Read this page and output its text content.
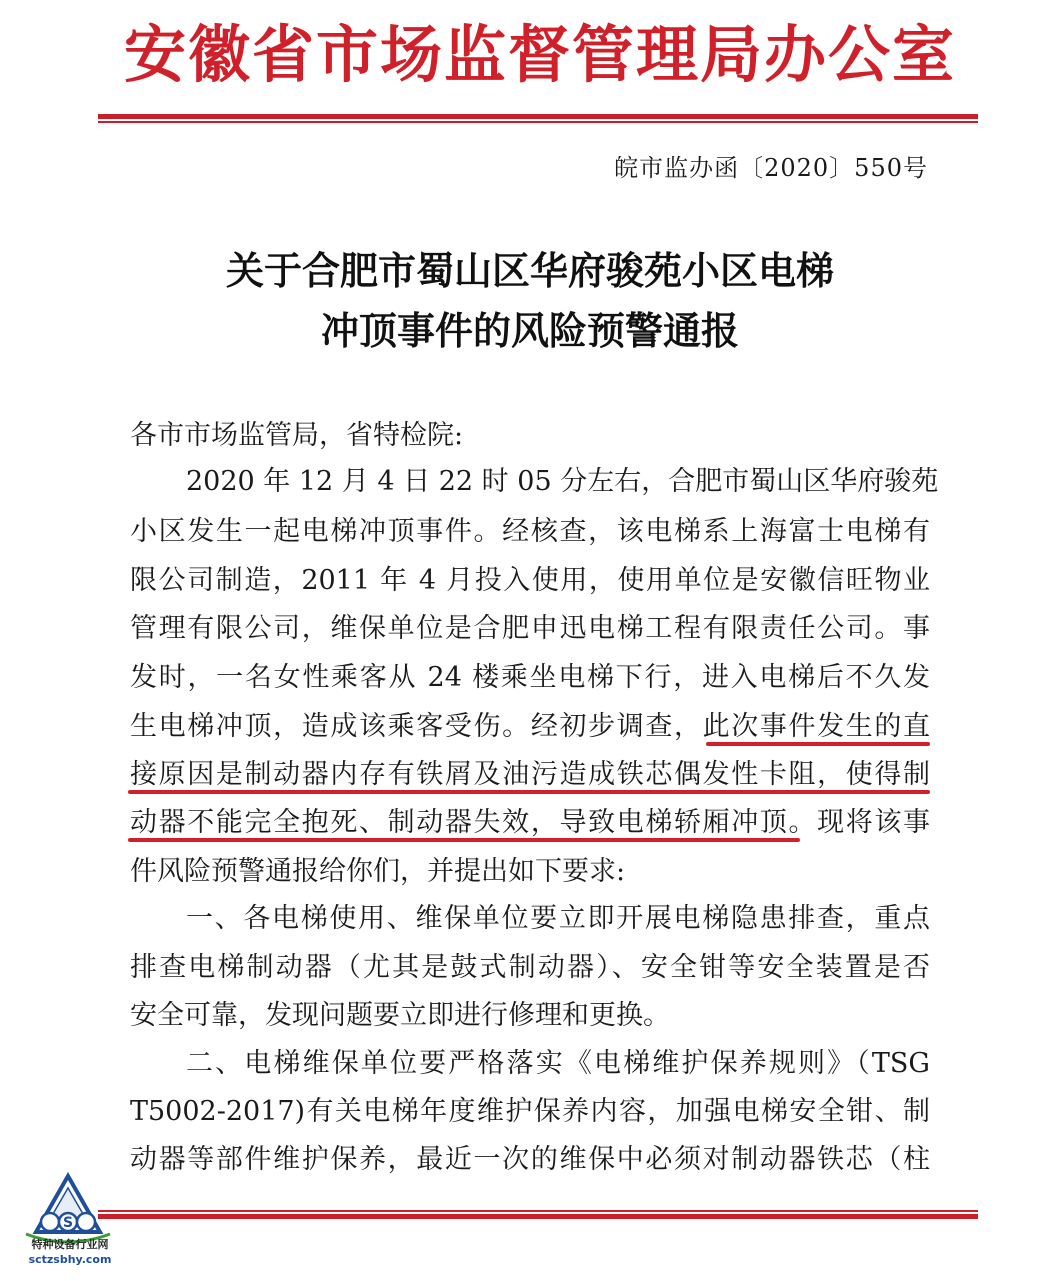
安徽省市场监督管理局办公室
皖市监办函〔2020〕550号
关于合肥市蜀山区华府骏苑小区电梯
冲顶事件的风险预警通报
各市市场监管局，省特检院:
2020 年 12 月 4 日 22 时 05 分左右，合肥市蜀山区华府骏苑
小区发生一起电梯冲顶事件。经核查，该电梯系上海富士电梯有
限公司制造，2011 年 4 月投入使用，使用单位是安徽信旺物业
管理有限公司，维保单位是合肥申迅电梯工程有限责任公司。事
发时，一名女性乘客从 24 楼乘坐电梯下行，进入电梯后不久发
生电梯冲顶，造成该乘客受伤。经初步调查，此次事件发生的直
接原因是制动器内存有铁屑及油污造成铁芯偶发性卡阻，使得制
动器不能完全抱死、制动器失效，导致电梯轿厢冲顶。现将该事
件风险预警通报给你们，并提出如下要求:
一、各电梯使用、维保单位要立即开展电梯隐患排查，重点
排查电梯制动器（尤其是鼓式制动器）、安全钳等安全装置是否
安全可靠，发现问题要立即进行修理和更换。
二、电梯维保单位要严格落实《电梯维护保养规则》（TSG
T5002-2017)有关电梯年度维护保养内容，加强电梯安全钳、制
动器等部件维护保养，最近一次的维保中必须对制动器铁芯（柱
S
特种设备行业网
sctzsbhy.com
